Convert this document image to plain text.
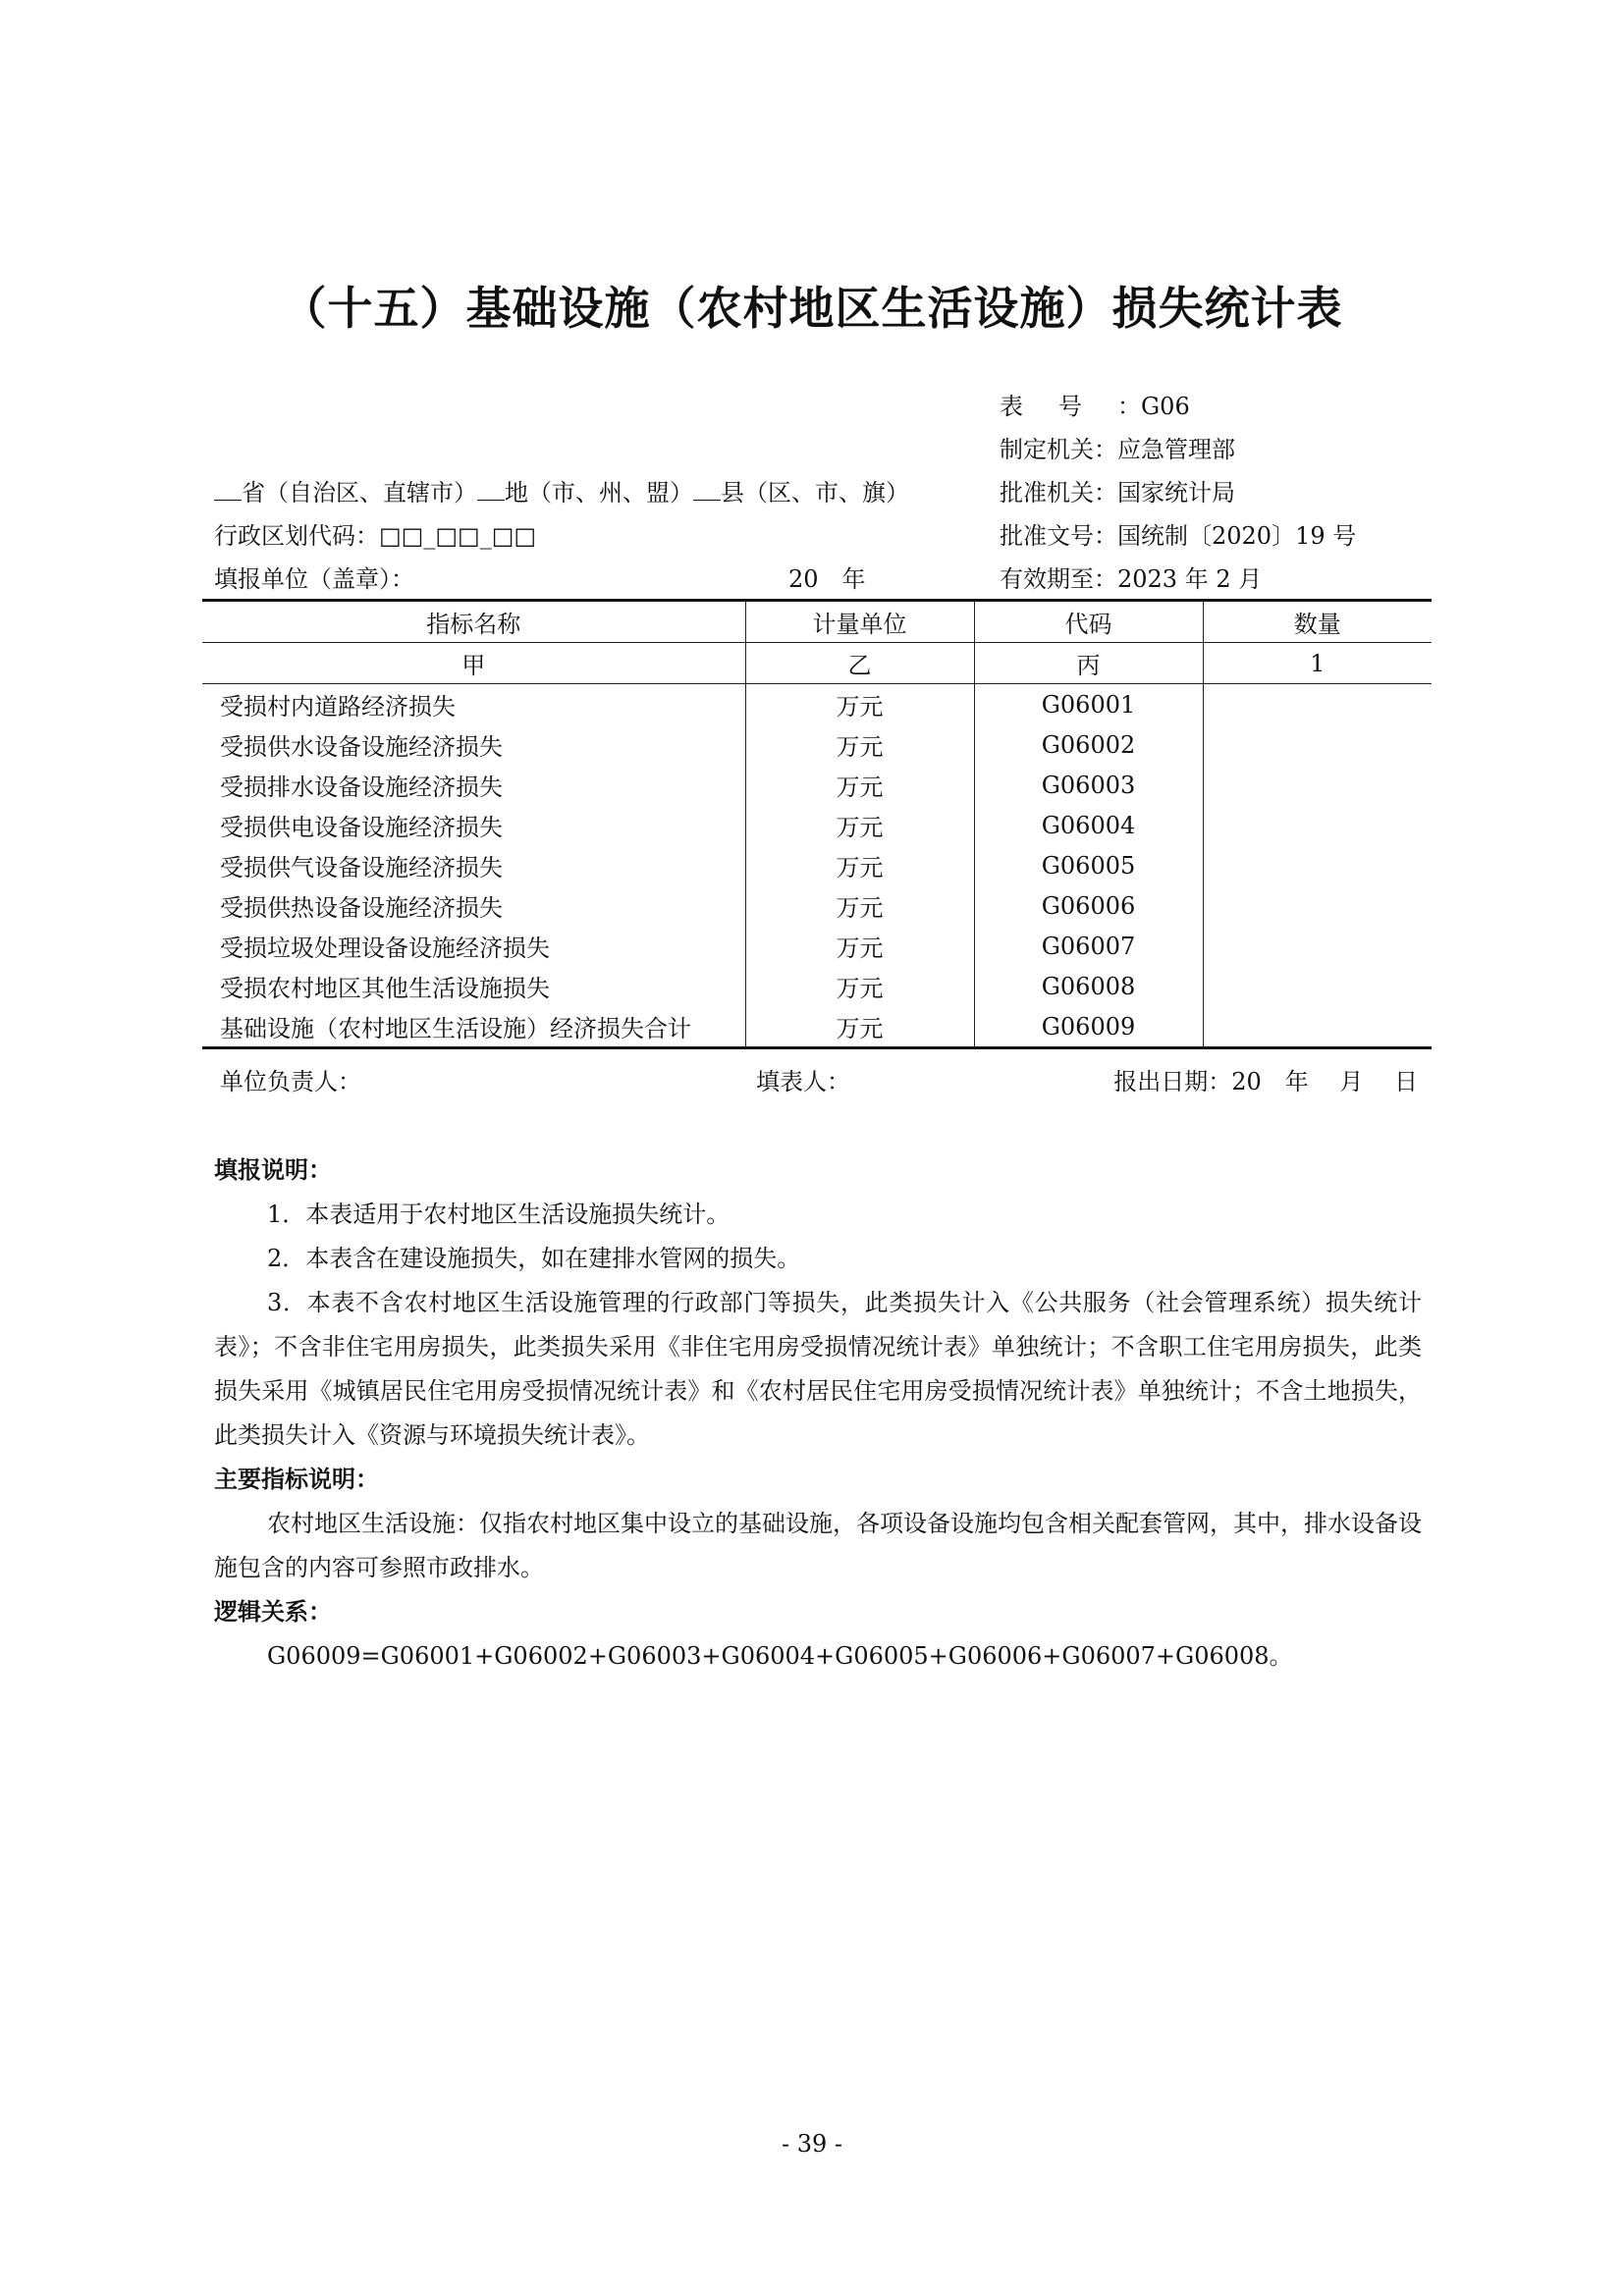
（十五）基础设施（农村地区生活设施）损失统计表
表号：G06
制定机关：应急管理部
批准机关：国家统计局
批准文号：国统制〔2020〕19 号
有效期至：2023 年 2 月
省（自治区、直辖市） 地（市、州、盟） 县（区、市、旗）
行政区划代码：□□_□□_□□
填报单位（盖章）：	20　年
指标名称	计量单位	代码	数量
甲	乙	丙	1
受损村内道路经济损失	万元	G06001	
受损供水设备设施经济损失	万元	G06002	
受损排水设备设施经济损失	万元	G06003	
受损供电设备设施经济损失	万元	G06004	
受损供气设备设施经济损失	万元	G06005	
受损供热设备设施经济损失	万元	G06006	
受损垃圾处理设备设施经济损失	万元	G06007	
受损农村地区其他生活设施损失	万元	G06008	
基础设施（农村地区生活设施）经济损失合计	万元	G06009	
单位负责人：	填表人：	报出日期：20　年　 月　 日
填报说明：

1．本表适用于农村地区生活设施损失统计。

2．本表含在建设施损失，如在建排水管网的损失。

3．本表不含农村地区生活设施管理的行政部门等损失，此类损失计入《公共服务（社会管理系统）损失统计表》；不含非住宅用房损失，此类损失采用《非住宅用房受损情况统计表》单独统计；不含职工住宅用房损失，此类损失采用《城镇居民住宅用房受损情况统计表》和《农村居民住宅用房受损情况统计表》单独统计；不含土地损失，此类损失计入《资源与环境损失统计表》。

主要指标说明：

农村地区生活设施：仅指农村地区集中设立的基础设施，各项设备设施均包含相关配套管网，其中，排水设备设施包含的内容可参照市政排水。

逻辑关系：
G06009=G06001+G06002+G06003+G06004+G06005+G06006+G06007+G06008。
- 39 -
